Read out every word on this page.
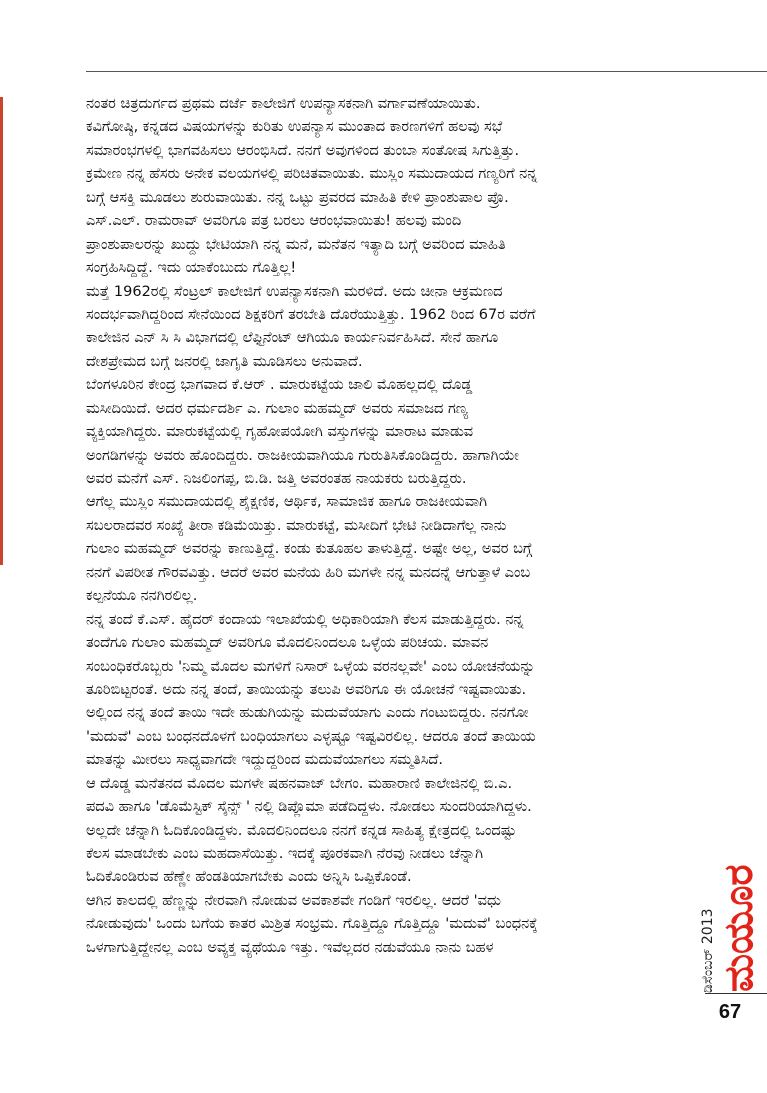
ನಂತರ ಚಿತ್ರದುರ್ಗದ ಪ್ರಥಮ ದರ್ಜೆ ಕಾಲೇಜಿಗೆ ಉಪನ್ಯಾಸಕನಾಗಿ ವರ್ಗಾವಣೆಯಾಯಿತು.
ಕವಿಗೋಷ್ಠಿ, ಕನ್ನಡದ ವಿಷಯಗಳನ್ನು ಕುರಿತು ಉಪನ್ಯಾಸ ಮುಂತಾದ ಕಾರಣಗಳಿಗೆ ಹಲವು ಸಭೆ
ಸಮಾರಂಭಗಳಲ್ಲಿ ಭಾಗವಹಿಸಲು ಆರಂಭಿಸಿದೆ. ನನಗೆ ಅವುಗಳಿಂದ ತುಂಬಾ ಸಂತೋಷ ಸಿಗುತ್ತಿತ್ತು.
ಕ್ರಮೇಣ ನನ್ನ ಹೆಸರು ಅನೇಕ ವಲಯಗಳಲ್ಲಿ ಪರಿಚಿತವಾಯಿತು. ಮುಸ್ಲಿಂ ಸಮುದಾಯದ ಗಣ್ಯರಿಗೆ ನನ್ನ
ಬಗ್ಗೆ ಆಸಕ್ತಿ ಮೂಡಲು ಶುರುವಾಯಿತು. ನನ್ನ ಒಟ್ಟು ಪ್ರವರದ ಮಾಹಿತಿ ಕೇಳಿ ಪ್ರಾಂಶುಪಾಲ ಪ್ರೊ.
ಎಸ್.ಎಲ್. ರಾಮರಾವ್ ಅವರಿಗೂ ಪತ್ರ ಬರಲು ಆರಂಭವಾಯಿತು! ಹಲವು ಮಂದಿ
ಪ್ರಾಂಶುಪಾಲರನ್ನು ಖುದ್ದು ಭೇಟಿಯಾಗಿ ನನ್ನ ಮನೆ, ಮನೆತನ ಇತ್ಯಾದಿ ಬಗ್ಗೆ ಅವರಿಂದ ಮಾಹಿತಿ
ಸಂಗ್ರಹಿಸಿದ್ದಿದ್ದೆ. ಇದು ಯಾಕೆಂಬುದು ಗೊತ್ತಿಲ್ಲ!
ಮತ್ತೆ 1962ರಲ್ಲಿ ಸೆಂಟ್ರಲ್ ಕಾಲೇಜಿಗೆ ಉಪನ್ಯಾಸಕನಾಗಿ ಮರಳಿದೆ. ಅದು ಚೀನಾ ಆಕ್ರಮಣದ
ಸಂದರ್ಭವಾಗಿದ್ದರಿಂದ ಸೇನೆಯಿಂದ ಶಿಕ್ಷಕರಿಗೆ ತರಬೇತಿ ದೊರೆಯುತ್ತಿತ್ತು. 1962 ರಿಂದ 67ರ ವರೆಗೆ
ಕಾಲೇಜಿನ ಎನ್ ಸಿ ಸಿ ವಿಭಾಗದಲ್ಲಿ ಲೆಫ್ಟಿನೆಂಟ್ ಆಗಿಯೂ ಕಾರ್ಯನಿರ್ವಹಿಸಿದೆ. ಸೇನೆ ಹಾಗೂ
ದೇಶಪ್ರೇಮದ ಬಗ್ಗೆ ಜನರಲ್ಲಿ ಜಾಗೃತಿ ಮೂಡಿಸಲು ಅನುವಾದೆ.
ಬೆಂಗಳೂರಿನ ಕೇಂದ್ರ ಭಾಗವಾದ ಕೆ.ಆರ್ . ಮಾರುಕಟ್ಟೆಯ ಜಾಲಿ ಮೊಹಲ್ಲದಲ್ಲಿ ದೊಡ್ಡ
ಮಸೀದಿಯಿದೆ. ಅದರ ಧರ್ಮದರ್ಶಿ ಎ. ಗುಲಾಂ ಮಹಮ್ಮದ್ ಅವರು ಸಮಾಜದ ಗಣ್ಯ
ವ್ಯಕ್ತಿಯಾಗಿದ್ದರು. ಮಾರುಕಟ್ಟೆಯಲ್ಲಿ ಗೃಹೋಪಯೋಗಿ ವಸ್ತುಗಳನ್ನು ಮಾರಾಟ ಮಾಡುವ
ಅಂಗಡಿಗಳನ್ನು ಅವರು ಹೊಂದಿದ್ದರು. ರಾಜಕೀಯವಾಗಿಯೂ ಗುರುತಿಸಿಕೊಂಡಿದ್ದರು. ಹಾಗಾಗಿಯೇ
ಅವರ ಮನೆಗೆ ಎಸ್. ನಿಜಲಿಂಗಪ್ಪ, ಬಿ.ಡಿ. ಜತ್ತಿ ಅವರಂತಹ ನಾಯಕರು ಬರುತ್ತಿದ್ದರು.
ಆಗೆಲ್ಲ ಮುಸ್ಲಿಂ ಸಮುದಾಯದಲ್ಲಿ ಶೈಕ್ಷಣಿಕ, ಆರ್ಥಿಕ, ಸಾಮಾಜಿಕ ಹಾಗೂ ರಾಜಕೀಯವಾಗಿ
ಸಬಲರಾದವರ ಸಂಖ್ಯೆ ತೀರಾ ಕಡಿಮೆಯಿತ್ತು. ಮಾರುಕಟ್ಟೆ, ಮಸೀದಿಗೆ ಭೇಟಿ ನೀಡಿದಾಗೆಲ್ಲ ನಾನು
ಗುಲಾಂ ಮಹಮ್ಮದ್ ಅವರನ್ನು ಕಾಣುತ್ತಿದ್ದೆ. ಕಂಡು ಕುತೂಹಲ ತಾಳುತ್ತಿದ್ದೆ. ಅಷ್ಟೇ ಅಲ್ಲ, ಅವರ ಬಗ್ಗೆ
ನನಗೆ ವಿಪರೀತ ಗೌರವವಿತ್ತು. ಆದರೆ ಅವರ ಮನೆಯ ಹಿರಿ ಮಗಳೇ ನನ್ನ ಮನದನ್ನೆ ಆಗುತ್ತಾಳೆ ಎಂಬ
ಕಲ್ಪನೆಯೂ ನನಗಿರಲಿಲ್ಲ.
ನನ್ನ ತಂದೆ ಕೆ.ಎಸ್. ಹೈದರ್ ಕಂದಾಯ ಇಲಾಖೆಯಲ್ಲಿ ಅಧಿಕಾರಿಯಾಗಿ ಕೆಲಸ ಮಾಡುತ್ತಿದ್ದರು. ನನ್ನ
ತಂದೆಗೂ ಗುಲಾಂ ಮಹಮ್ಮದ್ ಅವರಿಗೂ ಮೊದಲಿನಿಂದಲೂ ಒಳ್ಳೆಯ ಪರಿಚಯ. ಮಾವನ
ಸಂಬಂಧಿಕರೊಬ್ಬರು 'ನಿಮ್ಮ ಮೊದಲ ಮಗಳಿಗೆ ನಿಸಾರ್ ಒಳ್ಳೆಯ ವರನಲ್ಲವೇ' ಎಂಬ ಯೋಚನೆಯನ್ನು
ತೂರಿಬಿಟ್ಟರಂತೆ. ಅದು ನನ್ನ ತಂದೆ, ತಾಯಿಯನ್ನು ತಲುಪಿ ಅವರಿಗೂ ಈ ಯೋಚನೆ ಇಷ್ಟವಾಯಿತು.
ಅಲ್ಲಿಂದ ನನ್ನ ತಂದೆ ತಾಯಿ ಇದೇ ಹುಡುಗಿಯನ್ನು ಮದುವೆಯಾಗು ಎಂದು ಗಂಟುಬಿದ್ದರು. ನನಗೋ
'ಮದುವೆ' ಎಂಬ ಬಂಧನದೊಳಗೆ ಬಂಧಿಯಾಗಲು ಎಳ್ಳಷ್ಟೂ ಇಷ್ಟವಿರಲಿಲ್ಲ. ಆದರೂ ತಂದೆ ತಾಯಿಯ
ಮಾತನ್ನು ಮೀರಲು ಸಾಧ್ಯವಾಗದೇ ಇದ್ದುದ್ದರಿಂದ ಮದುವೆಯಾಗಲು ಸಮ್ಮತಿಸಿದೆ.
ಆ ದೊಡ್ಡ ಮನೆತನದ ಮೊದಲ ಮಗಳೇ ಷಹನವಾಜ್ ಬೇಗಂ. ಮಹಾರಾಣಿ ಕಾಲೇಜಿನಲ್ಲಿ ಬಿ.ಎ.
ಪದವಿ ಹಾಗೂ 'ಡೊಮೆಸ್ಟಿಕ್ ಸೈನ್ಸ್ ' ನಲ್ಲಿ ಡಿಪ್ಲೊಮಾ ಪಡೆದಿದ್ದಳು. ನೋಡಲು ಸುಂದರಿಯಾಗಿದ್ದಳು.
ಅಲ್ಲದೇ ಚೆನ್ನಾಗಿ ಓದಿಕೊಂಡಿದ್ದಳು. ಮೊದಲಿನಿಂದಲೂ ನನಗೆ ಕನ್ನಡ ಸಾಹಿತ್ಯ ಕ್ಷೇತ್ರದಲ್ಲಿ ಒಂದಷ್ಟು
ಕೆಲಸ ಮಾಡಬೇಕು ಎಂಬ ಮಹದಾಸೆಯಿತ್ತು. ಇದಕ್ಕೆ ಪೂರಕವಾಗಿ ನೆರವು ನೀಡಲು ಚೆನ್ನಾಗಿ
ಓದಿಕೊಂಡಿರುವ ಹೆಣ್ಣೇ ಹೆಂಡತಿಯಾಗಬೇಕು ಎಂದು ಅನ್ನಿಸಿ ಒಪ್ಪಿಕೊಂಡೆ.
ಆಗಿನ ಕಾಲದಲ್ಲಿ ಹೆಣ್ಣನ್ನು ನೇರವಾಗಿ ನೋಡುವ ಅವಕಾಶವೇ ಗಂಡಿಗೆ ಇರಲಿಲ್ಲ. ಆದರೆ 'ವಧು
ನೋಡುವುದು' ಒಂದು ಬಗೆಯ ಕಾತರ ಮಿಶ್ರಿತ ಸಂಭ್ರಮ. ಗೊತ್ತಿದ್ದೂ ಗೊತ್ತಿದ್ದೂ 'ಮದುವೆ' ಬಂಧನಕ್ಕೆ
ಒಳಗಾಗುತ್ತಿದ್ದೇನಲ್ಲ ಎಂಬ ಅವ್ಯಕ್ತ ವ್ಯಥೆಯೂ ಇತ್ತು. ಇವೆಲ್ಲದರ ನಡುವೆಯೂ ನಾನು ಬಹಳ	ಮಯೂರ
ಡಿಸೆಂಬರ್ 2013
67
